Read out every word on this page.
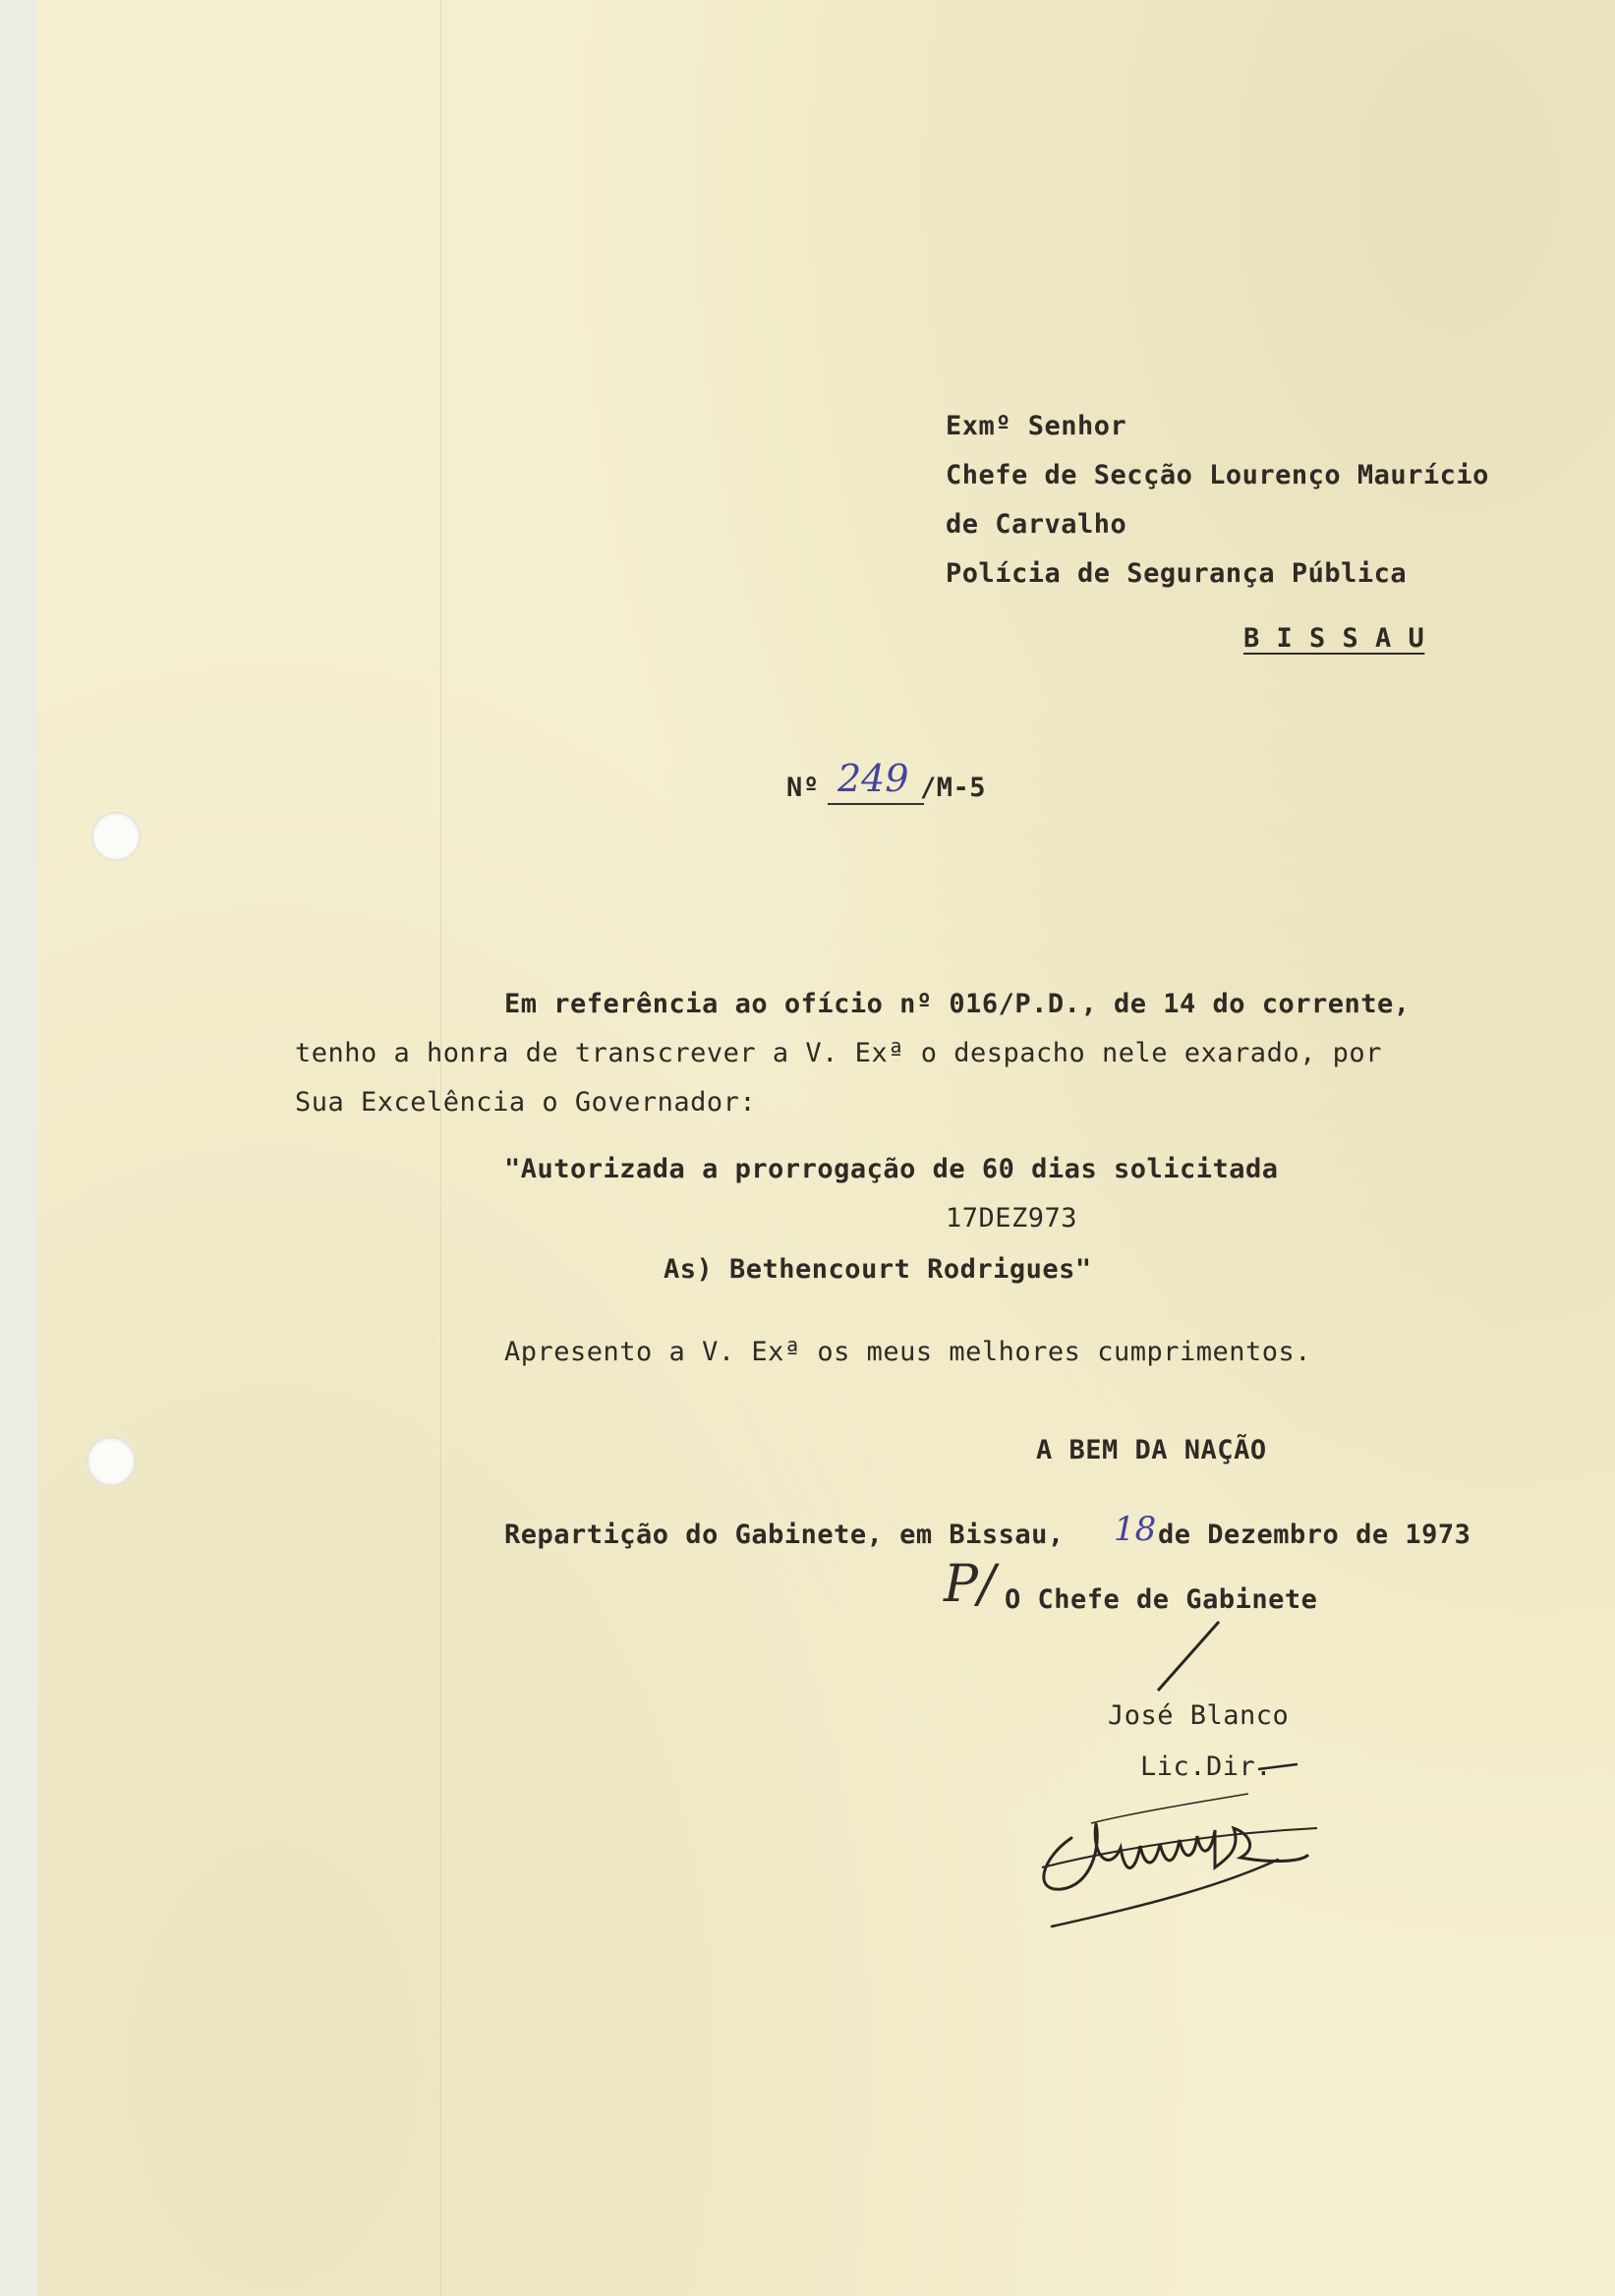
Exmº Senhor
Chefe de Secção Lourenço Maurício
de Carvalho
Polícia de Segurança Pública
B I S S A U
Nº 249 /M-5
Em referência ao ofício nº 016/P.D., de 14 do corrente,
tenho a honra de transcrever a V. Exª o despacho nele exarado, por
Sua Excelência o Governador:
"Autorizada a prorrogação de 60 dias solicitada
17DEZ973
As) Bethencourt Rodrigues"
Apresento a V. Exª os meus melhores cumprimentos.
A BEM DA NAÇÃO
Repartição do Gabinete, em Bissau, 18 de Dezembro de 1973
P/ O Chefe de Gabinete
José Blanco
Lic.Dir.
